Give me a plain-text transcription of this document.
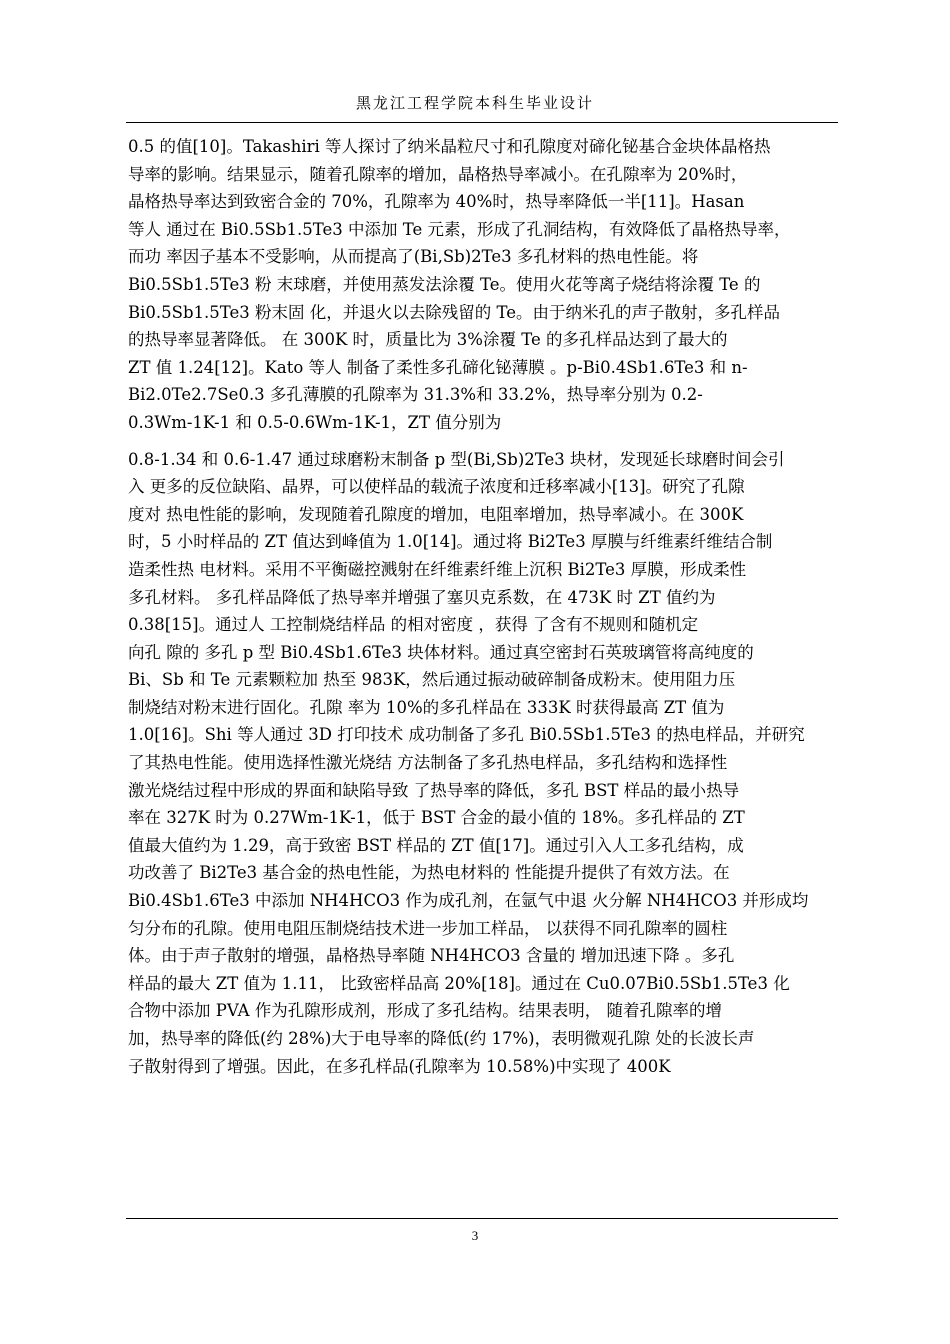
黑龙江工程学院本科生毕业设计
0.5 的值[10]。Takashiri 等人探讨了纳米晶粒尺寸和孔隙度对碲化铋基合金块体晶格热
导率的影响。结果显示，随着孔隙率的增加，晶格热导率减小。在孔隙率为 20%时，
晶格热导率达到致密合金的 70%，孔隙率为 40%时，热导率降低一半[11]。Hasan
等人 通过在 Bi0.5Sb1.5Te3 中添加 Te 元素，形成了孔洞结构，有效降低了晶格热导率，
而功 率因子基本不受影响，从而提高了(Bi,Sb)2Te3 多孔材料的热电性能。将
Bi0.5Sb1.5Te3 粉 末球磨，并使用蒸发法涂覆 Te。使用火花等离子烧结将涂覆 Te 的
Bi0.5Sb1.5Te3 粉末固 化，并退火以去除残留的 Te。由于纳米孔的声子散射，多孔样品
的热导率显著降低。 在 300K 时，质量比为 3%涂覆 Te 的多孔样品达到了最大的
ZT 值 1.24[12]。Kato 等人 制备了柔性多孔碲化铋薄膜 。p-Bi0.4Sb1.6Te3 和 n-
Bi2.0Te2.7Se0.3 多孔薄膜的孔隙率为 31.3%和 33.2%，热导率分别为 0.2-
0.3Wm-1K-1 和 0.5-0.6Wm-1K-1，ZT 值分别为
0.8-1.34 和 0.6-1.47 通过球磨粉末制备 p 型(Bi,Sb)2Te3 块材，发现延长球磨时间会引
入 更多的反位缺陷、晶界，可以使样品的载流子浓度和迁移率减小[13]。研究了孔隙
度对 热电性能的影响，发现随着孔隙度的增加，电阻率增加，热导率减小。在 300K
时，5 小时样品的 ZT 值达到峰值为 1.0[14]。通过将 Bi2Te3 厚膜与纤维素纤维结合制
造柔性热 电材料。采用不平衡磁控溅射在纤维素纤维上沉积 Bi2Te3 厚膜，形成柔性
多孔材料。 多孔样品降低了热导率并增强了塞贝克系数，在 473K 时 ZT 值约为
0.38[15]。通过人 工控制烧结样品 的相对密度 ，获得 了含有不规则和随机定
向孔 隙的 多孔 p 型 Bi0.4Sb1.6Te3 块体材料。通过真空密封石英玻璃管将高纯度的
Bi、Sb 和 Te 元素颗粒加 热至 983K，然后通过振动破碎制备成粉末。使用阻力压
制烧结对粉末进行固化。孔隙 率为 10%的多孔样品在 333K 时获得最高 ZT 值为
1.0[16]。Shi 等人通过 3D 打印技术 成功制备了多孔 Bi0.5Sb1.5Te3 的热电样品，并研究
了其热电性能。使用选择性激光烧结 方法制备了多孔热电样品，多孔结构和选择性
激光烧结过程中形成的界面和缺陷导致 了热导率的降低，多孔 BST 样品的最小热导
率在 327K 时为 0.27Wm-1K-1，低于 BST 合金的最小值的 18%。多孔样品的 ZT
值最大值约为 1.29，高于致密 BST 样品的 ZT 值[17]。通过引入人工多孔结构，成
功改善了 Bi2Te3 基合金的热电性能，为热电材料的 性能提升提供了有效方法。在
Bi0.4Sb1.6Te3 中添加 NH4HCO3 作为成孔剂，在氩气中退 火分解 NH4HCO3 并形成均
匀分布的孔隙。使用电阻压制烧结技术进一步加工样品， 以获得不同孔隙率的圆柱
体。由于声子散射的增强，晶格热导率随 NH4HCO3 含量的 增加迅速下降 。多孔
样品的最大 ZT 值为 1.11， 比致密样品高 20%[18]。通过在 Cu0.07Bi0.5Sb1.5Te3 化
合物中添加 PVA 作为孔隙形成剂，形成了多孔结构。结果表明， 随着孔隙率的增
加，热导率的降低(约 28%)大于电导率的降低(约 17%)，表明微观孔隙 处的长波长声
子散射得到了增强。因此，在多孔样品(孔隙率为 10.58%)中实现了 400K
3
